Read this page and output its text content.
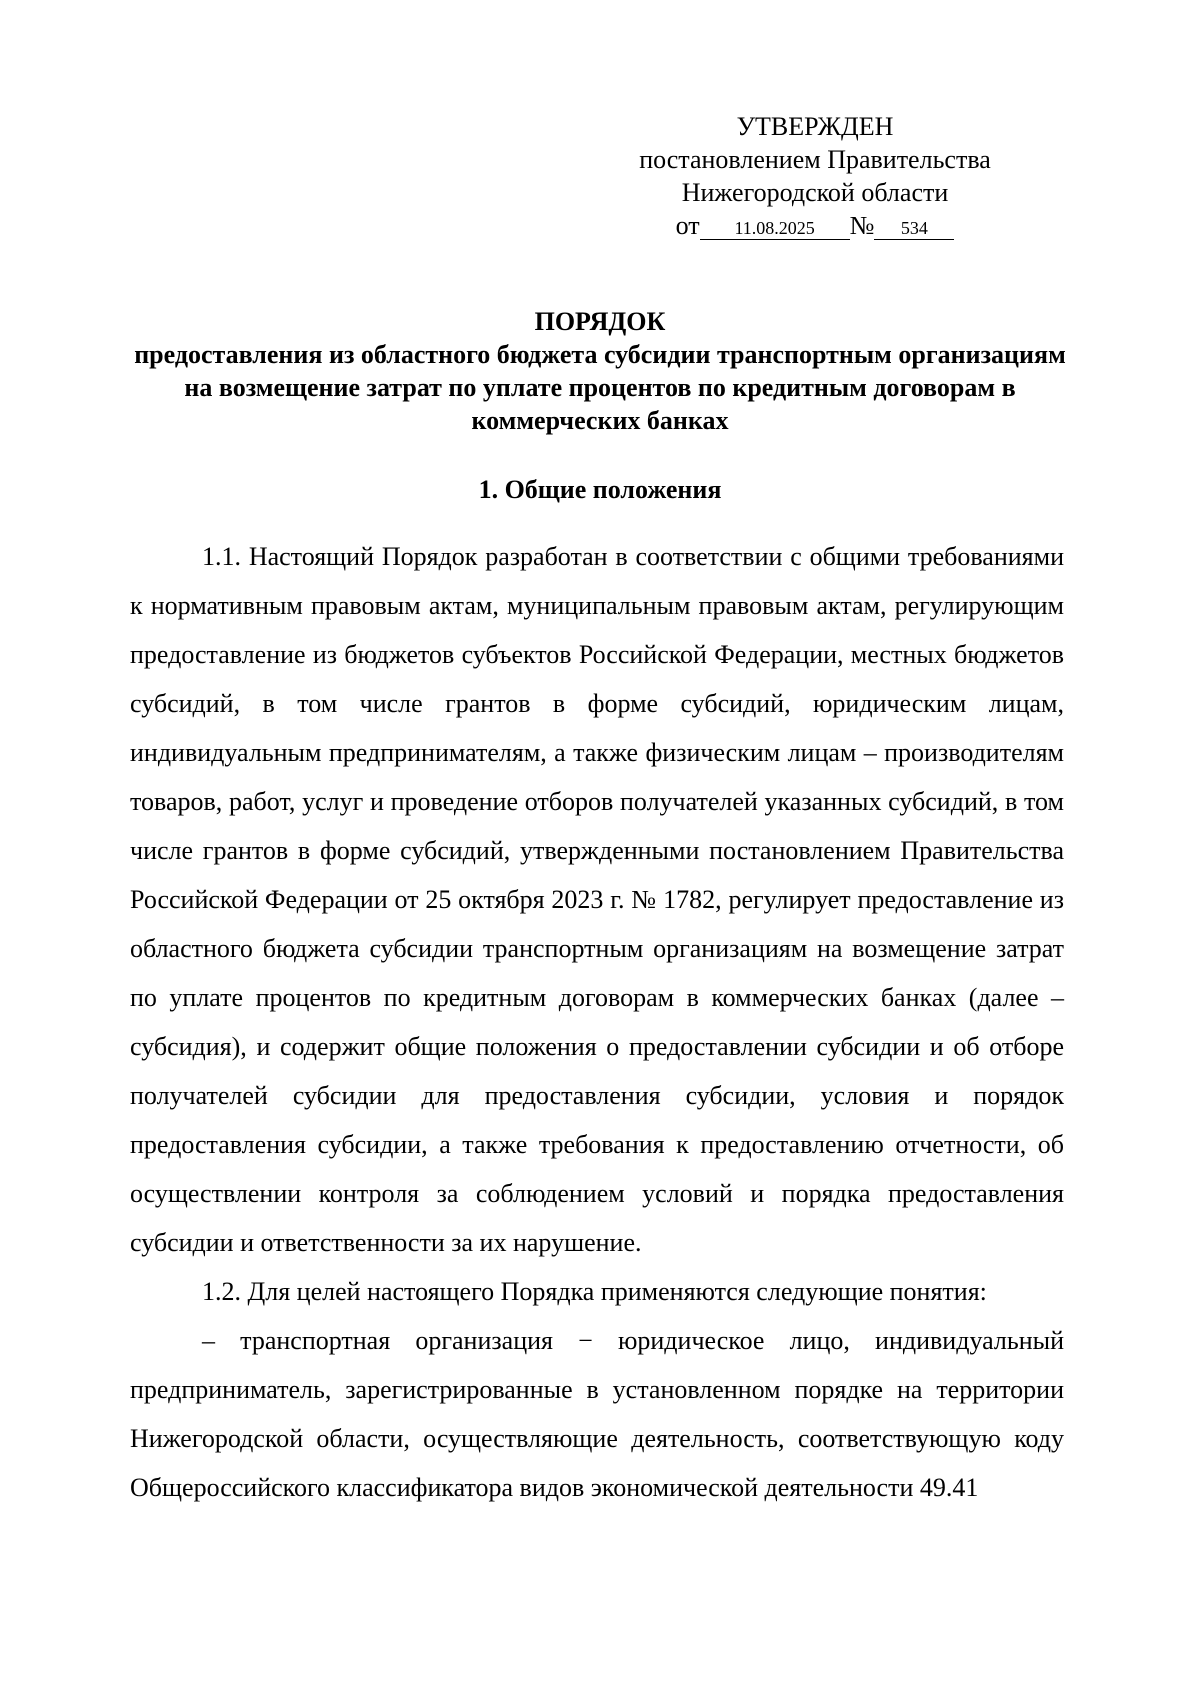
УТВЕРЖДЕН
постановлением Правительства
Нижегородской области
от 11.08.2025 № 534
ПОРЯДОК
предоставления из областного бюджета субсидии транспортным организациям на возмещение затрат по уплате процентов по кредитным договорам в коммерческих банках
1. Общие положения

1.1. Настоящий Порядок разработан в соответствии с общими требованиями к нормативным правовым актам, муниципальным правовым актам, регулирующим предоставление из бюджетов субъектов Российской Федерации, местных бюджетов субсидий, в том числе грантов в форме субсидий, юридическим лицам, индивидуальным предпринимателям, а также физическим лицам – производителям товаров, работ, услуг и проведение отборов получателей указанных субсидий, в том числе грантов в форме субсидий, утвержденными постановлением Правительства Российской Федерации от 25 октября 2023 г. № 1782, регулирует предоставление из областного бюджета субсидии транспортным организациям на возмещение затрат по уплате процентов по кредитным договорам в коммерческих банках (далее – субсидия), и содержит общие положения о предоставлении субсидии и об отборе получателей субсидии для предоставления субсидии, условия и порядок предоставления субсидии, а также требования к предоставлению отчетности, об осуществлении контроля за соблюдением условий и порядка предоставления субсидии и ответственности за их нарушение.

1.2. Для целей настоящего Порядка применяются следующие понятия:

– транспортная организация − юридическое лицо, индивидуальный предприниматель, зарегистрированные в установленном порядке на территории Нижегородской области, осуществляющие деятельность, соответствующую коду Общероссийского классификатора видов экономической деятельности 49.41
